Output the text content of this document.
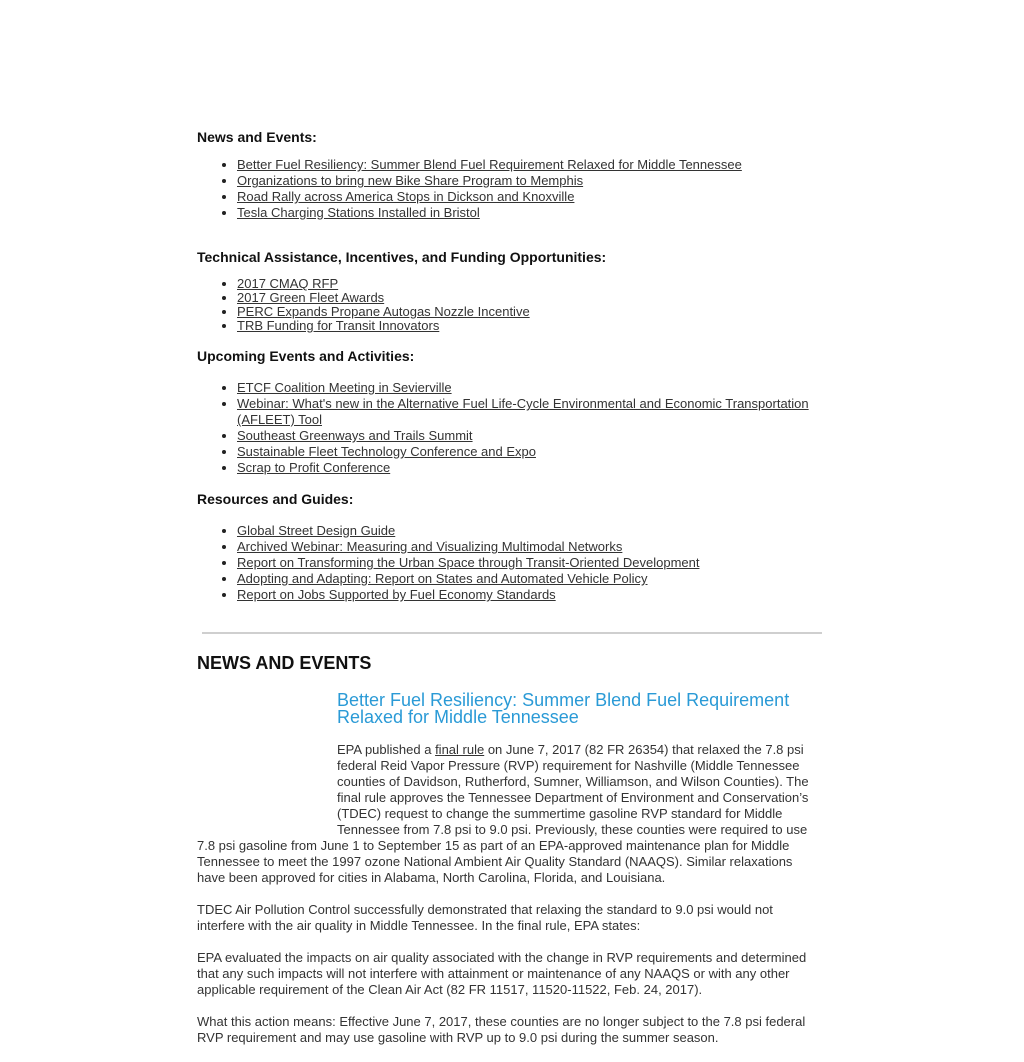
News and Events:
• Better Fuel Resiliency: Summer Blend Fuel Requirement Relaxed for Middle Tennessee
• Organizations to bring new Bike Share Program to Memphis
• Road Rally across America Stops in Dickson and Knoxville
• Tesla Charging Stations Installed in Bristol
Technical Assistance, Incentives, and Funding Opportunities:
• 2017 CMAQ RFP
• 2017 Green Fleet Awards
• PERC Expands Propane Autogas Nozzle Incentive
• TRB Funding for Transit Innovators
Upcoming Events and Activities:
• ETCF Coalition Meeting in Sevierville
• Webinar: What's new in the Alternative Fuel Life-Cycle Environmental and Economic Transportation (AFLEET) Tool
• Southeast Greenways and Trails Summit
• Sustainable Fleet Technology Conference and Expo
• Scrap to Profit Conference
Resources and Guides:
• Global Street Design Guide
• Archived Webinar: Measuring and Visualizing Multimodal Networks
• Report on Transforming the Urban Space through Transit-Oriented Development
• Adopting and Adapting: Report on States and Automated Vehicle Policy
• Report on Jobs Supported by Fuel Economy Standards
NEWS AND EVENTS
Better Fuel Resiliency: Summer Blend Fuel Requirement Relaxed for Middle Tennessee

EPA published a final rule on June 7, 2017 (82 FR 26354) that relaxed the 7.8 psi federal Reid Vapor Pressure (RVP) requirement for Nashville (Middle Tennessee counties of Davidson, Rutherford, Sumner, Williamson, and Wilson Counties). The final rule approves the Tennessee Department of Environment and Conservation’s (TDEC) request to change the summertime gasoline RVP standard for Middle Tennessee from 7.8 psi to 9.0 psi. Previously, these counties were required to use 7.8 psi gasoline from June 1 to September 15 as part of an EPA-approved maintenance plan for Middle Tennessee to meet the 1997 ozone National Ambient Air Quality Standard (NAAQS). Similar relaxations have been approved for cities in Alabama, North Carolina, Florida, and Louisiana.

TDEC Air Pollution Control successfully demonstrated that relaxing the standard to 9.0 psi would not interfere with the air quality in Middle Tennessee. In the final rule, EPA states:

EPA evaluated the impacts on air quality associated with the change in RVP requirements and determined that any such impacts will not interfere with attainment or maintenance of any NAAQS or with any other applicable requirement of the Clean Air Act (82 FR 11517, 11520-11522, Feb. 24, 2017).

What this action means: Effective June 7, 2017, these counties are no longer subject to the 7.8 psi federal RVP requirement and may use gasoline with RVP up to 9.0 psi during the summer season.
